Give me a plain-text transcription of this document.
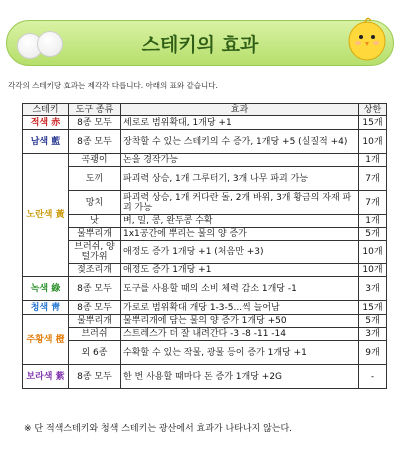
스테키의 효과
각각의 스테키당 효과는 제각각 다릅니다. 아래의 표와 같습니다.
스테키	도구 종류	효과	상한
적색 赤	8종 모두	세로로 범위확대, 1개당 +1	15개
남색 藍	8종 모두	장착할 수 있는 스테키의 수 증가, 1개당 +5 (실질적 +4)	10개
노란색 黃	곡괭이	논을 경작가능	1개
	도끼	파괴력 상승, 1개 그루터기, 3개 나무 파괴 가능	7개
	망치	파괴력 상승, 1개 커다란 돌, 2개 바위, 3개 황금의 자재 파괴 가능	7개
	낫	벼, 밀, 콩, 완두콩 수확	1개
	물뿌리개	1x1공간에 뿌리는 물의 양 증가	5개
	브러쉬, 양털가위	애정도 증가 1개당 +1 (처음만 +3)	10개
	젖조리개	애정도 증가 1개당 +1	10개
녹색 綠	8종 모두	도구를 사용할 때의 소비 체력 감소 1개당 -1	3개
청색 靑	8종 모두	가로로 범위확대 개당 1-3-5...씩 늘어남	15개
주황색 橙	물뿌리개	물뿌리개에 담는 물의 양 증가 1개당 +50	5개
	브러쉬	스트레스가 더 잘 내려간다 -3 -8 -11 -14	3개
	외 6종	수확할 수 있는 작물, 광물 등이 증가 1개당 +1	9개
보라색 紫	8종 모두	한 번 사용할 때마다 돈 증가 1개당 +2G	-
※ 단 적색스테키와 청색 스테키는 광산에서 효과가 나타나지 않는다.
